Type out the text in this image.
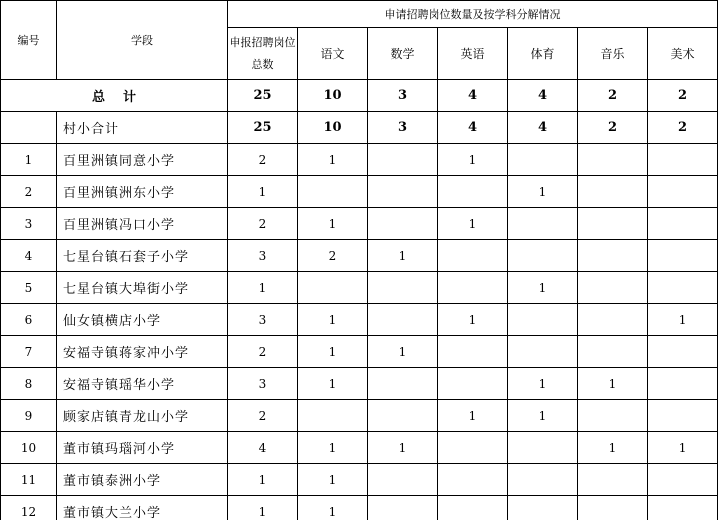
编号	学段	申请招聘岗位数量及按学科分解情况						
		申报招聘岗位总数	语文	数学	英语	体育	音乐	美术
总    计		25	10	3	4	4	2	2
	村小合计	25	10	3	4	4	2	2
1	百里洲镇同意小学	2	1		1			
2	百里洲镇洲东小学	1				1		
3	百里洲镇冯口小学	2	1		1			
4	七星台镇石套子小学	3	2	1				
5	七星台镇大埠街小学	1				1		
6	仙女镇横店小学	3	1		1			1
7	安福寺镇蒋家冲小学	2	1	1				
8	安福寺镇瑶华小学	3	1			1	1	
9	顾家店镇青龙山小学	2			1	1		
10	董市镇玛瑙河小学	4	1	1			1	1
11	董市镇泰洲小学	1	1					
12	董市镇大兰小学	1	1					
